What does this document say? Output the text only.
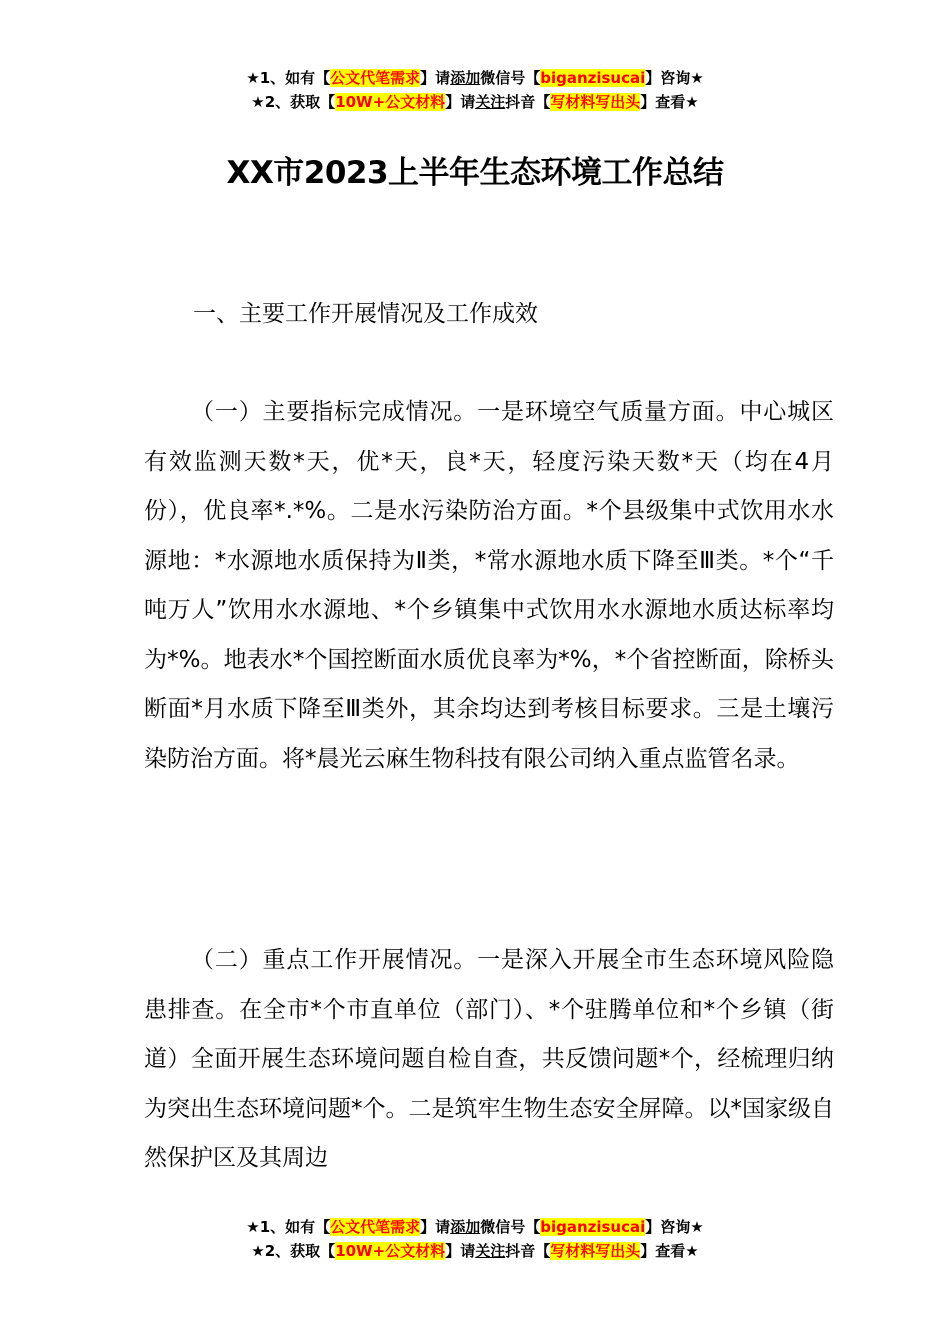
★1、如有【公文代笔需求】请添加微信号【biganzisucai】咨询★
★2、获取【10W+公文材料】请关注抖音【写材料写出头】查看★
XX市2023上半年生态环境工作总结
一、主要工作开展情况及工作成效
（一）主要指标完成情况。一是环境空气质量方面。中心城区有效监测天数*天，优*天，良*天，轻度污染天数*天（均在4月份），优良率*.*%。二是水污染防治方面。*个县级集中式饮用水水源地：*水源地水质保持为Ⅱ类，*常水源地水质下降至Ⅲ类。*个“千吨万人”饮用水水源地、*个乡镇集中式饮用水水源地水质达标率均为*%。地表水*个国控断面水质优良率为*%，*个省控断面，除桥头断面*月水质下降至Ⅲ类外，其余均达到考核目标要求。三是土壤污染防治方面。将*晨光云麻生物科技有限公司纳入重点监管名录。
（二）重点工作开展情况。一是深入开展全市生态环境风险隐患排查。在全市*个市直单位（部门）、*个驻腾单位和*个乡镇（街道）全面开展生态环境问题自检自查，共反馈问题*个，经梳理归纳为突出生态环境问题*个。二是筑牢生物生态安全屏障。以*国家级自然保护区及其周边
★1、如有【公文代笔需求】请添加微信号【biganzisucai】咨询★
★2、获取【10W+公文材料】请关注抖音【写材料写出头】查看★
